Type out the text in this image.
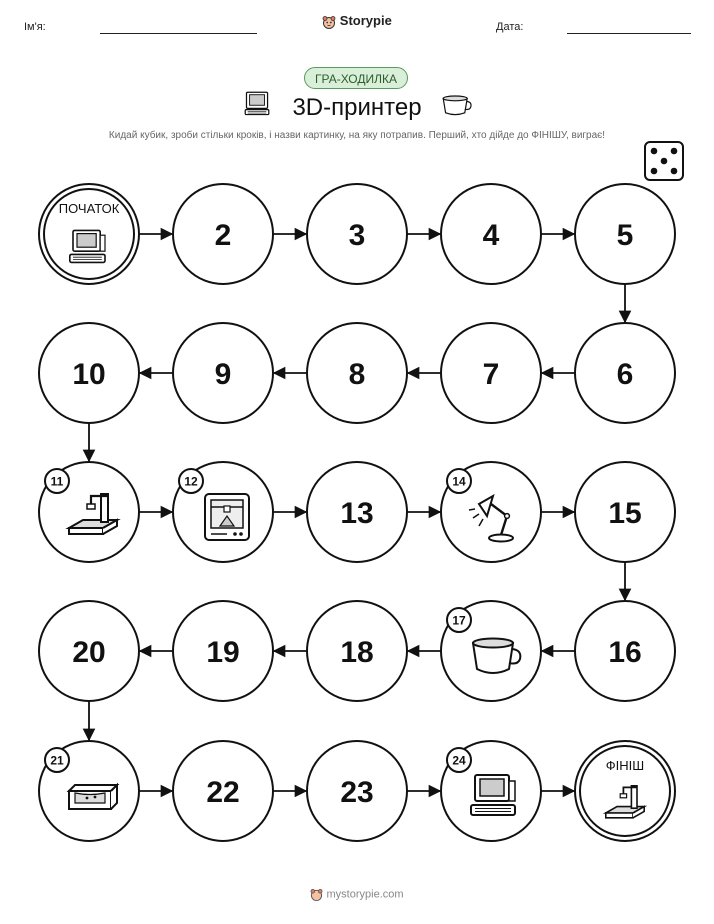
Ім'я:	Storypie	Дата:
ГРА-ХОДИЛКА
3D-принтер
Кидай кубик, зроби стільки кроків, і назви картинку, на яку потрапив. Перший, хто дійде до ФІНІШУ, виграє!
ПОЧАТОК
2	3	4	5
6
7
8
9
10
11	12
13
14
15
16
17
18
19
20
21
22	23
24	ФІНІШ
mystorypie.com
